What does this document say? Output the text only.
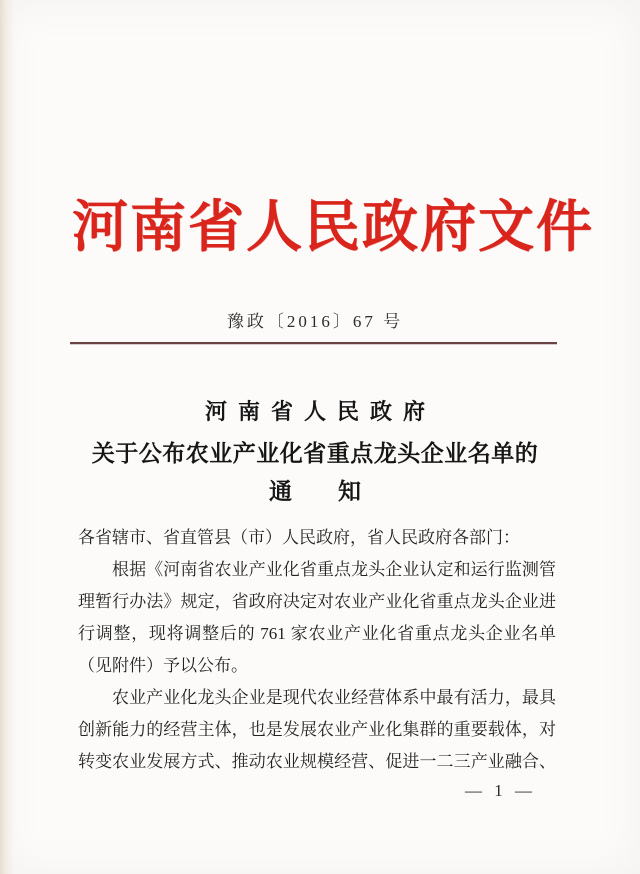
河南省人民政府文件
豫政〔2016〕67 号
河南省人民政府
关于公布农业产业化省重点龙头企业名单的
通　　知
各省辖市、省直管县（市）人民政府，省人民政府各部门：
根据《河南省农业产业化省重点龙头企业认定和运行监测管
理暂行办法》规定，省政府决定对农业产业化省重点龙头企业进
行调整，现将调整后的 761 家农业产业化省重点龙头企业名单
（见附件）予以公布。
农业产业化龙头企业是现代农业经营体系中最有活力，最具
创新能力的经营主体，也是发展农业产业化集群的重要载体，对
转变农业发展方式、推动农业规模经营、促进一二三产业融合、
— 1 —
